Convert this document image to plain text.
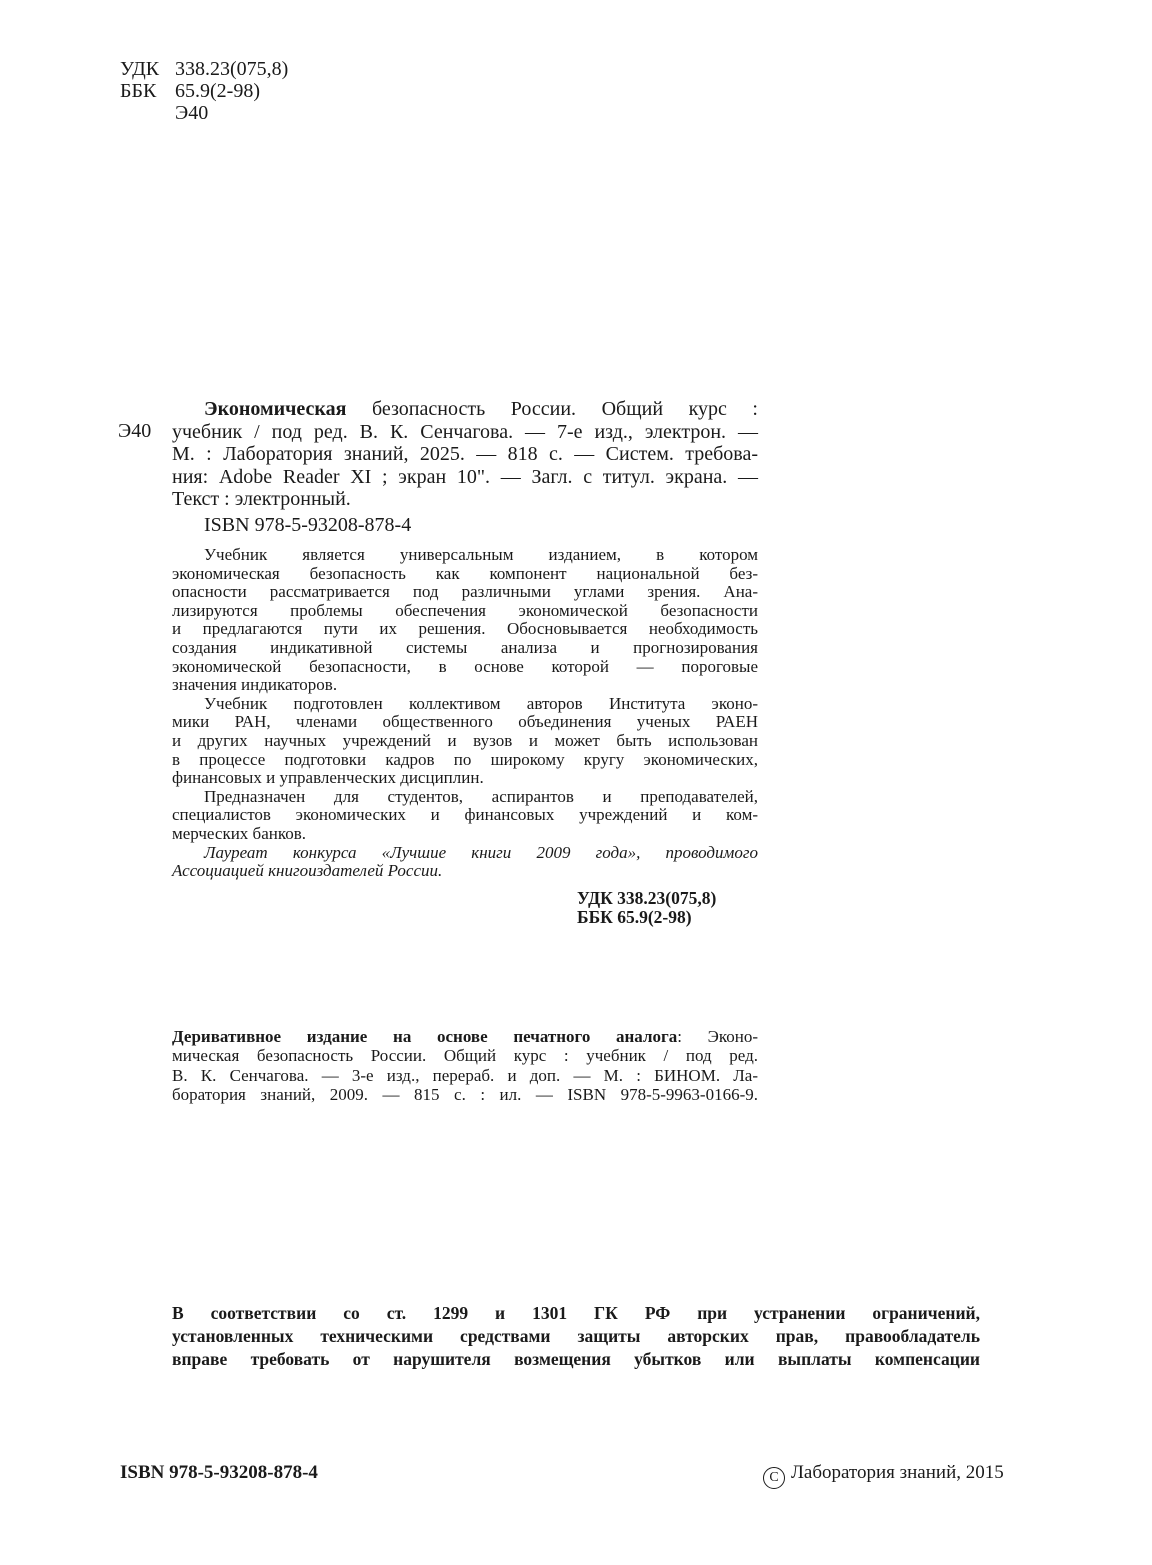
УДК 338.23(075,8)
ББК 65.9(2-98)
Э40
Э40
Экономическая безопасность России. Общий курс :
учебник / под ред. В. К. Сенчагова. — 7-е изд., электрон. —
М. : Лаборатория знаний, 2025. — 818 с. — Систем. требова-
ния: Adobe Reader XI ; экран 10". — Загл. с титул. экрана. —
Текст : электронный.
ISBN 978-5-93208-878-4
Учебник является универсальным изданием, в котором
экономическая безопасность как компонент национальной без-
опасности рассматривается под различными углами зрения. Ана-
лизируются проблемы обеспечения экономической безопасности
и предлагаются пути их решения. Обосновывается необходимость
создания индикативной системы анализа и прогнозирования
экономической безопасности, в основе которой — пороговые
значения индикаторов.
Учебник подготовлен коллективом авторов Института эконо-
мики РАН, членами общественного объединения ученых РАЕН
и других научных учреждений и вузов и может быть использован
в процессе подготовки кадров по широкому кругу экономических,
финансовых и управленческих дисциплин.
Предназначен для студентов, аспирантов и преподавателей,
специалистов экономических и финансовых учреждений и ком-
мерческих банков.
Лауреат конкурса «Лучшие книги 2009 года», проводимого
Ассоциацией книгоиздателей России.
УДК 338.23(075,8)
ББК 65.9(2-98)
Деривативное издание на основе печатного аналога: Эконо-
мическая безопасность России. Общий курс : учебник / под ред.
В. К. Сенчагова. — 3-е изд., перераб. и доп. — М. : БИНОМ. Ла-
боратория знаний, 2009. — 815 с. : ил. — ISBN 978-5-9963-0166-9.
В соответствии со ст. 1299 и 1301 ГК РФ при устранении ограничений,
установленных техническими средствами защиты авторских прав, правообладатель
вправе требовать от нарушителя возмещения убытков или выплаты компенсации
ISBN 978-5-93208-878-4	C Лаборатория знаний, 2015
